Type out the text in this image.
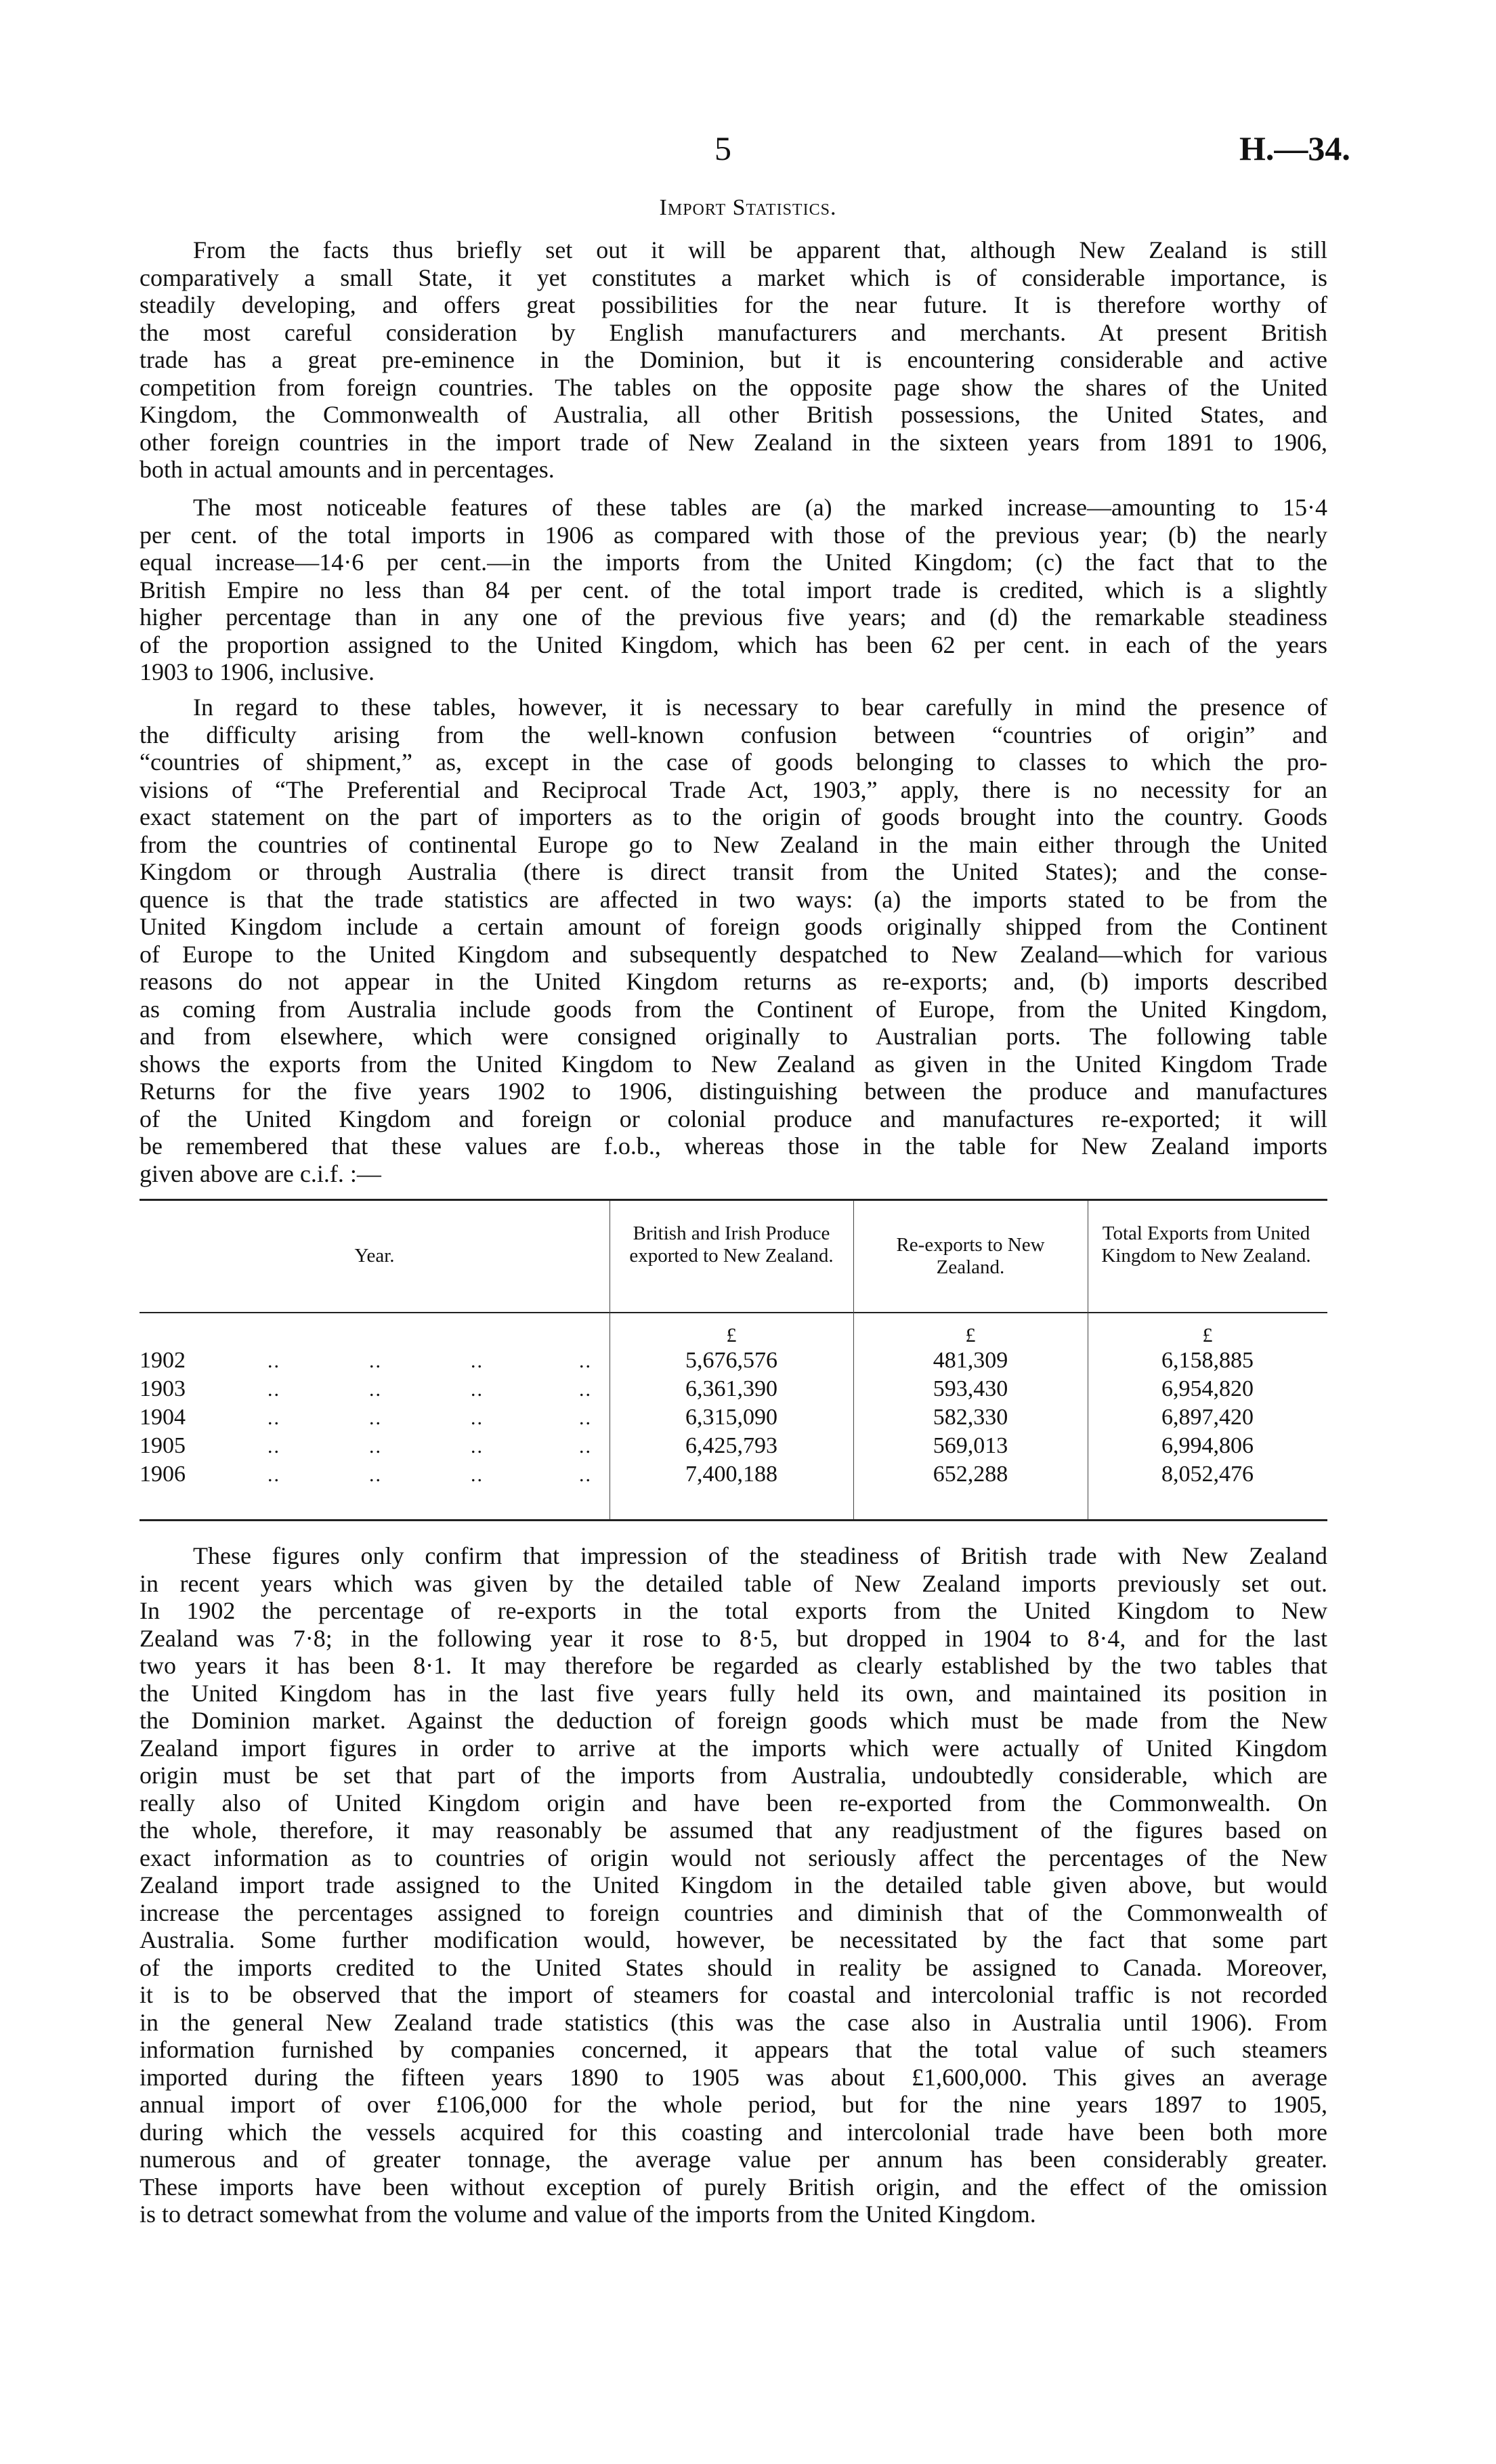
5	H.—34.
Import Statistics.
From the facts thus briefly set out it will be apparent that, although New Zealand is still
comparatively a small State, it yet constitutes a market which is of considerable importance, is
steadily developing, and offers great possibilities for the near future. It is therefore worthy of
the most careful consideration by English manufacturers and merchants. At present British
trade has a great pre-eminence in the Dominion, but it is encountering considerable and active
competition from foreign countries. The tables on the opposite page show the shares of the United
Kingdom, the Commonwealth of Australia, all other British possessions, the United States, and
other foreign countries in the import trade of New Zealand in the sixteen years from 1891 to 1906,
both in actual amounts and in percentages.
The most noticeable features of these tables are (a) the marked increase—amounting to 15·4
per cent. of the total imports in 1906 as compared with those of the previous year; (b) the nearly
equal increase—14·6 per cent.—in the imports from the United Kingdom; (c) the fact that to the
British Empire no less than 84 per cent. of the total import trade is credited, which is a slightly
higher percentage than in any one of the previous five years; and (d) the remarkable steadiness
of the proportion assigned to the United Kingdom, which has been 62 per cent. in each of the years
1903 to 1906, inclusive.
In regard to these tables, however, it is necessary to bear carefully in mind the presence of
the difficulty arising from the well-known confusion between “countries of origin” and
“countries of shipment,” as, except in the case of goods belonging to classes to which the pro-
visions of “The Preferential and Reciprocal Trade Act, 1903,” apply, there is no necessity for an
exact statement on the part of importers as to the origin of goods brought into the country. Goods
from the countries of continental Europe go to New Zealand in the main either through the United
Kingdom or through Australia (there is direct transit from the United States); and the conse-
quence is that the trade statistics are affected in two ways: (a) the imports stated to be from the
United Kingdom include a certain amount of foreign goods originally shipped from the Continent
of Europe to the United Kingdom and subsequently despatched to New Zealand—which for various
reasons do not appear in the United Kingdom returns as re-exports; and, (b) imports described
as coming from Australia include goods from the Continent of Europe, from the United Kingdom,
and from elsewhere, which were consigned originally to Australian ports. The following table
shows the exports from the United Kingdom to New Zealand as given in the United Kingdom Trade
Returns for the five years 1902 to 1906, distinguishing between the produce and manufactures
of the United Kingdom and foreign or colonial produce and manufactures re-exported; it will
be remembered that these values are f.o.b., whereas those in the table for New Zealand imports
given above are c.i.f. :—
Year.
British and Irish Produce exported to New Zealand.	Re-exports to New Zealand.
Total Exports from United Kingdom to New Zealand.
£	£	£
1902	..	..	..	..	5,676,576	481,309	6,158,885
1903	..	..	..	..	6,361,390	593,430	6,954,820
1904	..	..	..	..	6,315,090	582,330	6,897,420
1905	..	..	..	..	6,425,793	569,013	6,994,806
1906	..	..	..	..	7,400,188	652,288	8,052,476
These figures only confirm that impression of the steadiness of British trade with New Zealand
in recent years which was given by the detailed table of New Zealand imports previously set out.
In 1902 the percentage of re-exports in the total exports from the United Kingdom to New
Zealand was 7·8; in the following year it rose to 8·5, but dropped in 1904 to 8·4, and for the last
two years it has been 8·1. It may therefore be regarded as clearly established by the two tables that
the United Kingdom has in the last five years fully held its own, and maintained its position in
the Dominion market. Against the deduction of foreign goods which must be made from the New
Zealand import figures in order to arrive at the imports which were actually of United Kingdom
origin must be set that part of the imports from Australia, undoubtedly considerable, which are
really also of United Kingdom origin and have been re-exported from the Commonwealth. On
the whole, therefore, it may reasonably be assumed that any readjustment of the figures based on
exact information as to countries of origin would not seriously affect the percentages of the New
Zealand import trade assigned to the United Kingdom in the detailed table given above, but would
increase the percentages assigned to foreign countries and diminish that of the Commonwealth of
Australia. Some further modification would, however, be necessitated by the fact that some part
of the imports credited to the United States should in reality be assigned to Canada. Moreover,
it is to be observed that the import of steamers for coastal and intercolonial traffic is not recorded
in the general New Zealand trade statistics (this was the case also in Australia until 1906). From
information furnished by companies concerned, it appears that the total value of such steamers
imported during the fifteen years 1890 to 1905 was about £1,600,000. This gives an average
annual import of over £106,000 for the whole period, but for the nine years 1897 to 1905,
during which the vessels acquired for this coasting and intercolonial trade have been both more
numerous and of greater tonnage, the average value per annum has been considerably greater.
These imports have been without exception of purely British origin, and the effect of the omission
is to detract somewhat from the volume and value of the imports from the United Kingdom.
